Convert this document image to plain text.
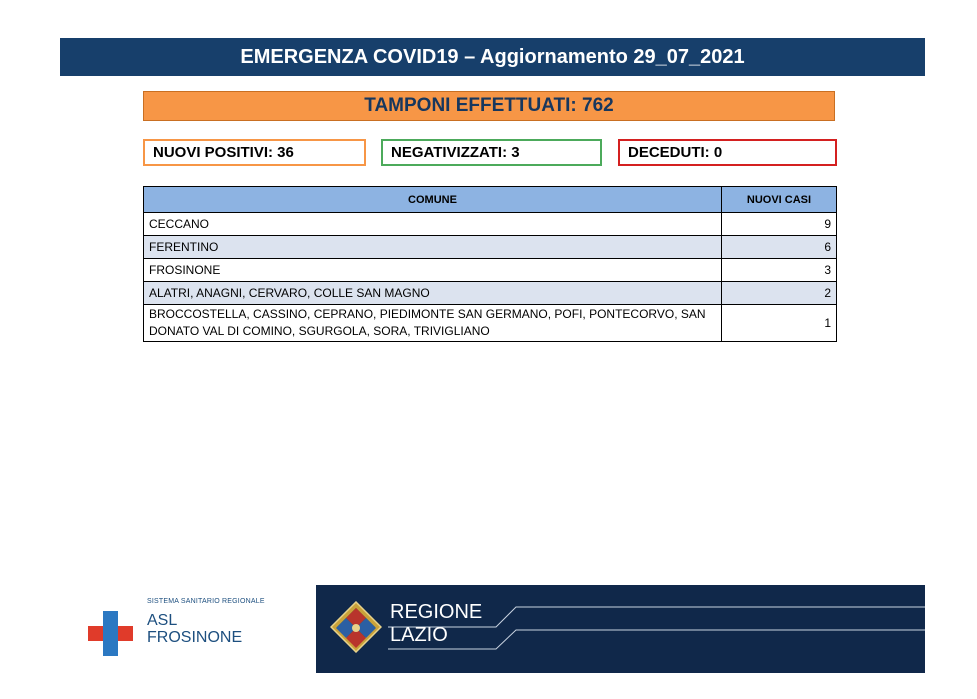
EMERGENZA COVID19 – Aggiornamento 29_07_2021
TAMPONI EFFETTUATI: 762
NUOVI POSITIVI: 36	NEGATIVIZZATI: 3	DECEDUTI: 0
COMUNE	NUOVI CASI
CECCANO	9
FERENTINO	6
FROSINONE	3
ALATRI, ANAGNI, CERVARO, COLLE SAN MAGNO	2
BROCCOSTELLA, CASSINO, CEPRANO, PIEDIMONTE SAN GERMANO, POFI, PONTECORVO, SAN DONATO VAL DI COMINO, SGURGOLA, SORA, TRIVIGLIANO	1
SISTEMA SANITARIO REGIONALE
ASL
FROSINONE
REGIONE
LAZIO
